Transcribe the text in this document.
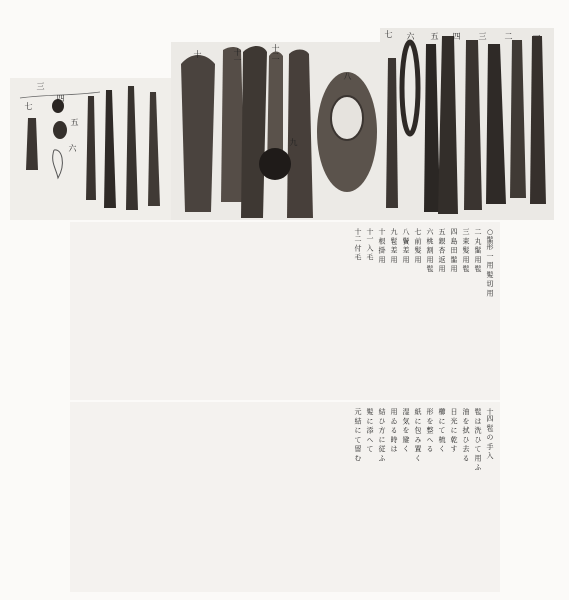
三
四
五
六
七
十	十一	十二
九
八
七 六 五 四 三 二 一
○髷形 一 用 髪 切 用
二 丸 髷 用 髢
三 束 髪 用 髢
四 島 田 髷 用
五 銀 杏 返 用
六 桃 割 用 髢
七 前 髪 用
八 鬢 差 用
九 髱 差 用
十 根 掛 用
十一 入 毛
十二 付 毛
十四 髢 の 手 入
髢 は 洗 ひ て 用 ふ
油 を 拭 ひ 去 る
日 光 に 乾 す
櫛 に て 梳 く
形 を 整 へ る
紙 に 包 み 置 く
湿 気 を 避 く
用 ゐ る 時 は
結 ひ 方 に 従 ふ
髪 に 添 へ て
元 結 に て 留 む
